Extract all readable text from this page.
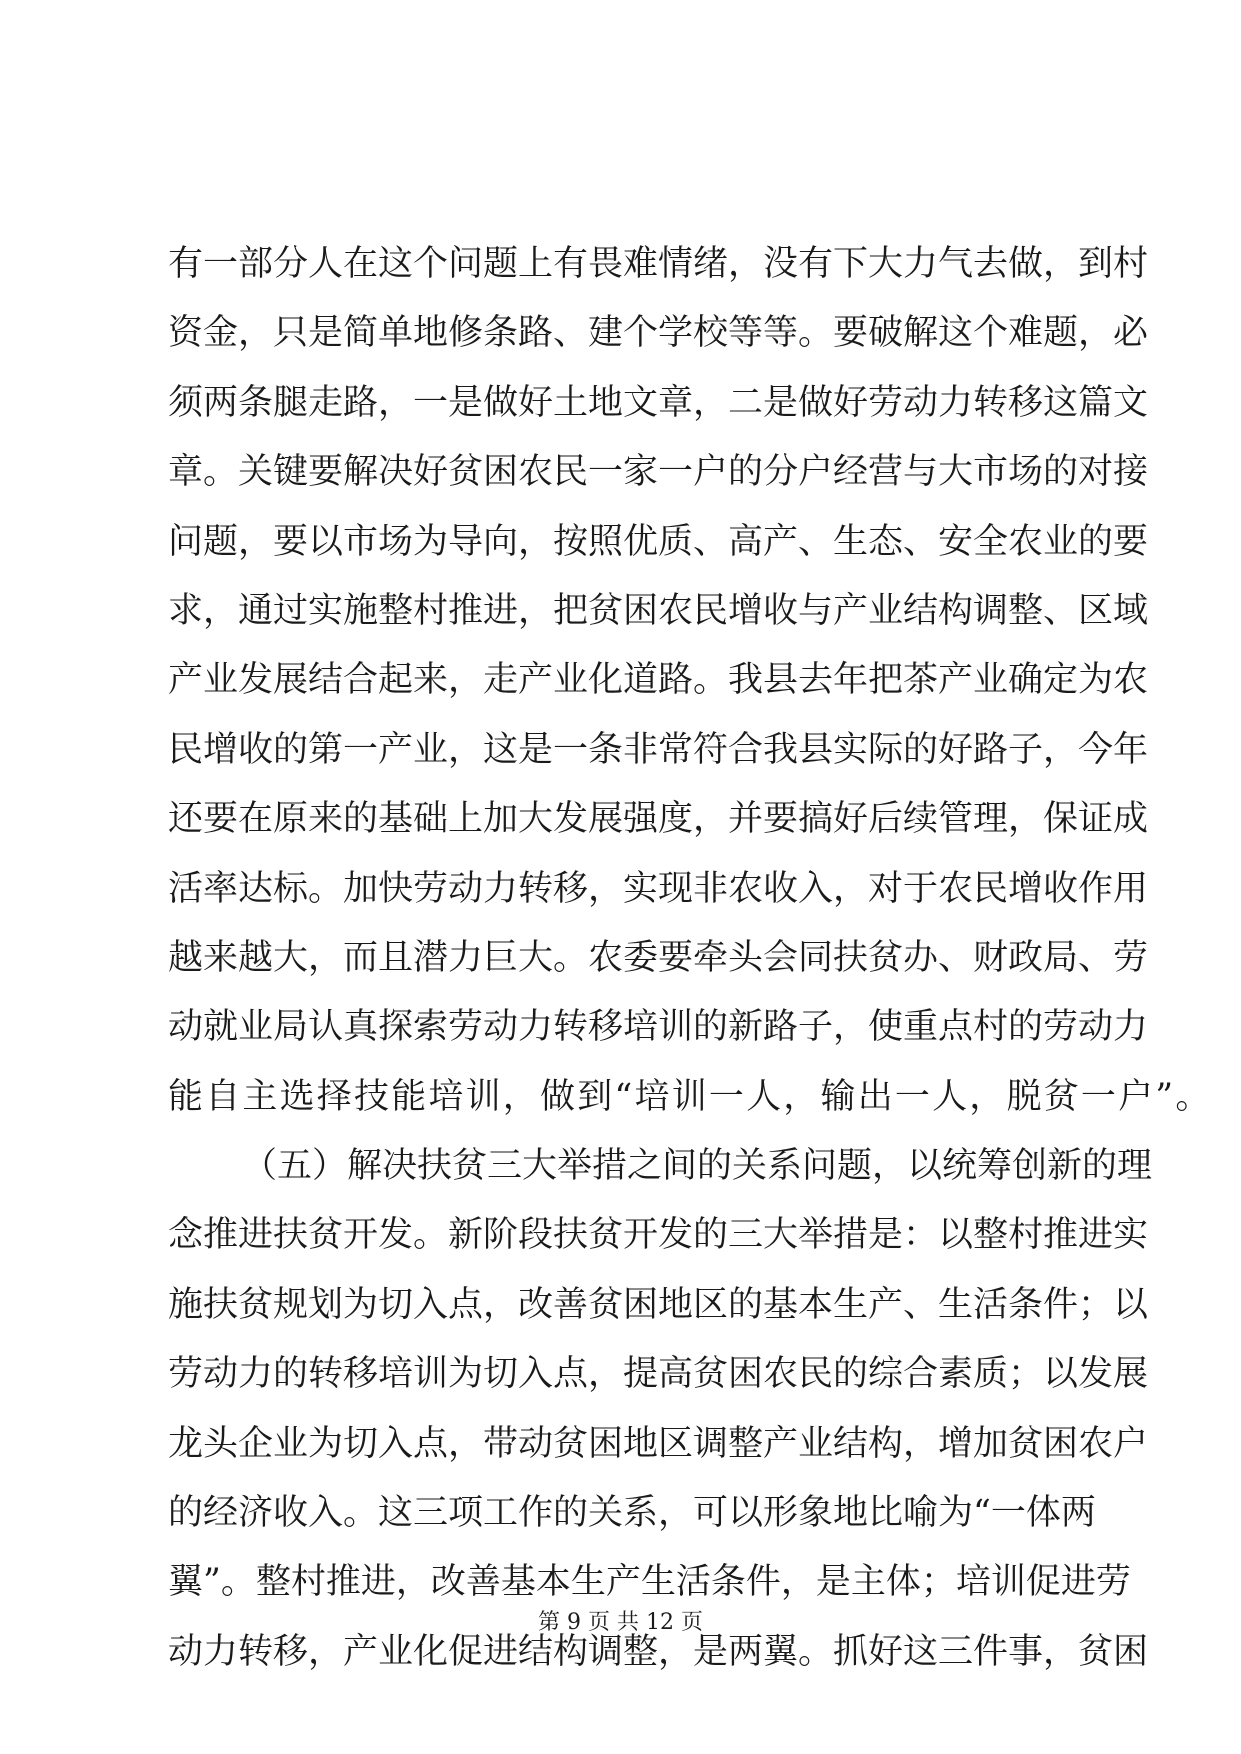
有一部分人在这个问题上有畏难情绪，没有下大力气去做，到村
资金，只是简单地修条路、建个学校等等。要破解这个难题，必
须两条腿走路，一是做好土地文章，二是做好劳动力转移这篇文
章。关键要解决好贫困农民一家一户的分户经营与大市场的对接
问题，要以市场为导向，按照优质、高产、生态、安全农业的要
求，通过实施整村推进，把贫困农民增收与产业结构调整、区域
产业发展结合起来，走产业化道路。我县去年把茶产业确定为农
民增收的第一产业，这是一条非常符合我县实际的好路子，今年
还要在原来的基础上加大发展强度，并要搞好后续管理，保证成
活率达标。加快劳动力转移，实现非农收入，对于农民增收作用
越来越大，而且潜力巨大。农委要牵头会同扶贫办、财政局、劳
动就业局认真探索劳动力转移培训的新路子，使重点村的劳动力
能自主选择技能培训，做到“培训一人，输出一人，脱贫一户”。
（五）解决扶贫三大举措之间的关系问题，以统筹创新的理
念推进扶贫开发。新阶段扶贫开发的三大举措是：以整村推进实
施扶贫规划为切入点，改善贫困地区的基本生产、生活条件；以
劳动力的转移培训为切入点，提高贫困农民的综合素质；以发展
龙头企业为切入点，带动贫困地区调整产业结构，增加贫困农户
的经济收入。这三项工作的关系，可以形象地比喻为“一体两
翼”。整村推进，改善基本生产生活条件，是主体；培训促进劳
动力转移，产业化促进结构调整，是两翼。抓好这三件事，贫困
第 9 页 共 12 页
